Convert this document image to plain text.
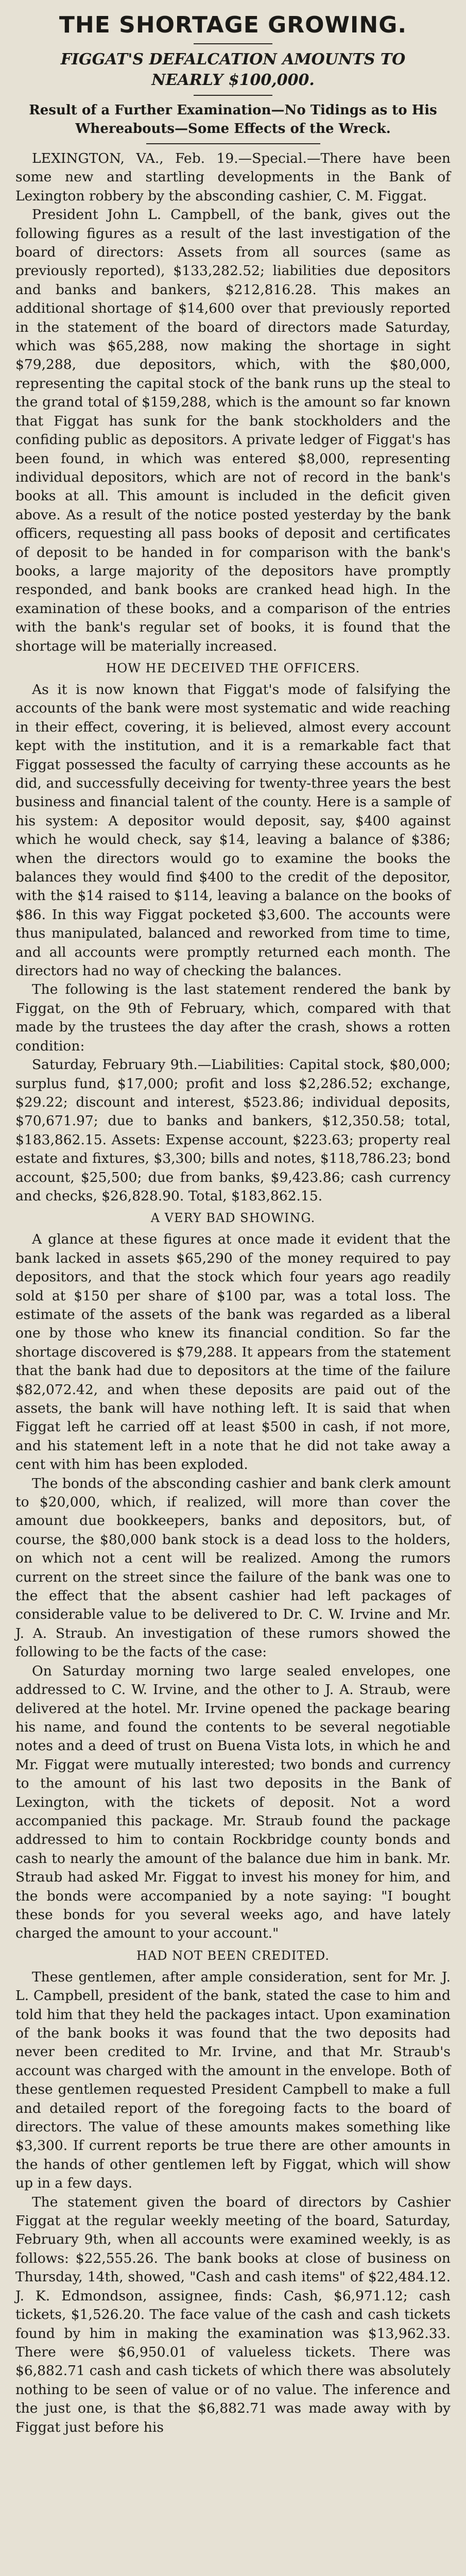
THE SHORTAGE GROWING.
FIGGAT'S DEFALCATION AMOUNTS TO NEARLY $100,000.
Result of a Further Examination—No Tidings as to His Whereabouts—Some Effects of the Wreck.

LEXINGTON, VA., Feb. 19.—Special.—There have been some new and startling developments in the Bank of Lexington robbery by the absconding cashier, C. M. Figgat.

President John L. Campbell, of the bank, gives out the following figures as a result of the last investigation of the board of directors: Assets from all sources (same as previously reported), $133,282.52; liabilities due depositors and banks and bankers, $212,816.28. This makes an additional shortage of $14,600 over that previously reported in the statement of the board of directors made Saturday, which was $65,288, now making the shortage in sight $79,288, due depositors, which, with the $80,000, representing the capital stock of the bank runs up the steal to the grand total of $159,288, which is the amount so far known that Figgat has sunk for the bank stockholders and the confiding public as depositors. A private ledger of Figgat's has been found, in which was entered $8,000, representing individual depositors, which are not of record in the bank's books at all. This amount is included in the deficit given above. As a result of the notice posted yesterday by the bank officers, requesting all pass books of deposit and certificates of deposit to be handed in for comparison with the bank's books, a large majority of the depositors have promptly responded, and bank books are cranked head high. In the examination of these books, and a comparison of the entries with the bank's regular set of books, it is found that the shortage will be materially increased.

HOW HE DECEIVED THE OFFICERS.

As it is now known that Figgat's mode of falsifying the accounts of the bank were most systematic and wide reaching in their effect, covering, it is believed, almost every account kept with the institution, and it is a remarkable fact that Figgat possessed the faculty of carrying these accounts as he did, and successfully deceiving for twenty-three years the best business and financial talent of the county. Here is a sample of his system: A depositor would deposit, say, $400 against which he would check, say $14, leaving a balance of $386; when the directors would go to examine the books the balances they would find $400 to the credit of the depositor, with the $14 raised to $114, leaving a balance on the books of $86. In this way Figgat pocketed $3,600. The accounts were thus manipulated, balanced and reworked from time to time, and all accounts were promptly returned each month. The directors had no way of checking the balances.

The following is the last statement rendered the bank by Figgat, on the 9th of February, which, compared with that made by the trustees the day after the crash, shows a rotten condition:

Saturday, February 9th.—Liabilities: Capital stock, $80,000; surplus fund, $17,000; profit and loss $2,286.52; exchange, $29.22; discount and interest, $523.86; individual deposits, $70,671.97; due to banks and bankers, $12,350.58; total, $183,862.15. Assets: Expense account, $223.63; property real estate and fixtures, $3,300; bills and notes, $118,786.23; bond account, $25,500; due from banks, $9,423.86; cash currency and checks, $26,828.90. Total, $183,862.15.

A VERY BAD SHOWING.

A glance at these figures at once made it evident that the bank lacked in assets $65,290 of the money required to pay depositors, and that the stock which four years ago readily sold at $150 per share of $100 par, was a total loss. The estimate of the assets of the bank was regarded as a liberal one by those who knew its financial condition. So far the shortage discovered is $79,288. It appears from the statement that the bank had due to depositors at the time of the failure $82,072.42, and when these deposits are paid out of the assets, the bank will have nothing left. It is said that when Figgat left he carried off at least $500 in cash, if not more, and his statement left in a note that he did not take away a cent with him has been exploded.

The bonds of the absconding cashier and bank clerk amount to $20,000, which, if realized, will more than cover the amount due bookkeepers, banks and depositors, but, of course, the $80,000 bank stock is a dead loss to the holders, on which not a cent will be realized. Among the rumors current on the street since the failure of the bank was one to the effect that the absent cashier had left packages of considerable value to be delivered to Dr. C. W. Irvine and Mr. J. A. Straub. An investigation of these rumors showed the following to be the facts of the case:

On Saturday morning two large sealed envelopes, one addressed to C. W. Irvine, and the other to J. A. Straub, were delivered at the hotel. Mr. Irvine opened the package bearing his name, and found the contents to be several negotiable notes and a deed of trust on Buena Vista lots, in which he and Mr. Figgat were mutually interested; two bonds and currency to the amount of his last two deposits in the Bank of Lexington, with the tickets of deposit. Not a word accompanied this package. Mr. Straub found the package addressed to him to contain Rockbridge county bonds and cash to nearly the amount of the balance due him in bank. Mr. Straub had asked Mr. Figgat to invest his money for him, and the bonds were accompanied by a note saying: "I bought these bonds for you several weeks ago, and have lately charged the amount to your account."

HAD NOT BEEN CREDITED.

These gentlemen, after ample consideration, sent for Mr. J. L. Campbell, president of the bank, stated the case to him and told him that they held the packages intact. Upon examination of the bank books it was found that the two deposits had never been credited to Mr. Irvine, and that Mr. Straub's account was charged with the amount in the envelope. Both of these gentlemen requested President Campbell to make a full and detailed report of the foregoing facts to the board of directors. The value of these amounts makes something like $3,300. If current reports be true there are other amounts in the hands of other gentlemen left by Figgat, which will show up in a few days.

The statement given the board of directors by Cashier Figgat at the regular weekly meeting of the board, Saturday, February 9th, when all accounts were examined weekly, is as follows: $22,555.26. The bank books at close of business on Thursday, 14th, showed, "Cash and cash items" of $22,484.12. J. K. Edmondson, assignee, finds: Cash, $6,971.12; cash tickets, $1,526.20. The face value of the cash and cash tickets found by him in making the examination was $13,962.33. There were $6,950.01 of valueless tickets. There was $6,882.71 cash and cash tickets of which there was absolutely nothing to be seen of value or of no value. The inference and the just one, is that the $6,882.71 was made away with by Figgat just before his
